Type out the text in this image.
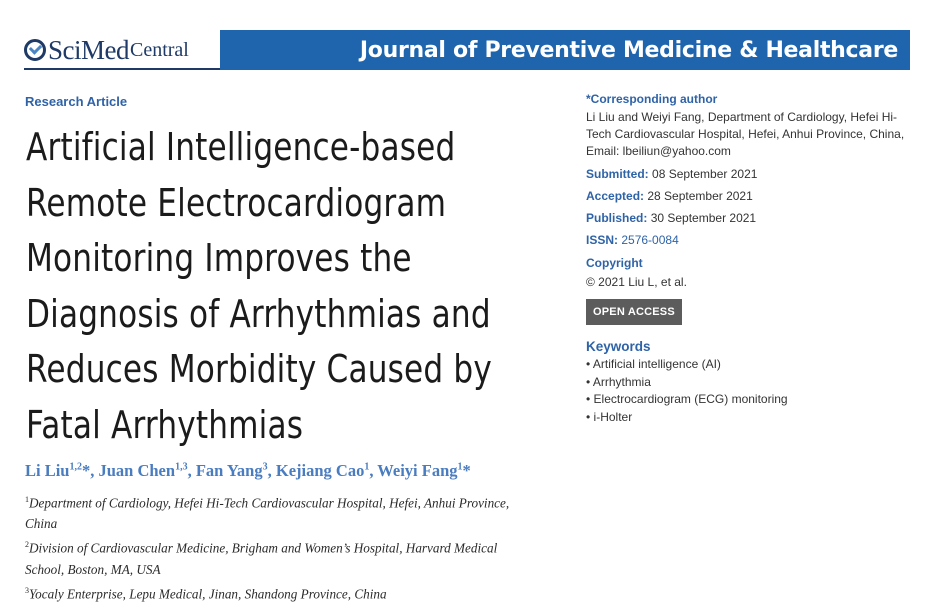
SciMed Central	Journal of Preventive Medicine & Healthcare
Research Article
Artificial Intelligence-based
Remote Electrocardiogram
Monitoring Improves the
Diagnosis of Arrhythmias and
Reduces Morbidity Caused by
Fatal Arrhythmias
Li Liu$^{1,2}$*, Juan Chen$^{1,3}$, Fan Yang$^3$, Kejiang Cao$^1$, Weiyi Fang$^1$*
$^1$Department of Cardiology, Hefei Hi-Tech Cardiovascular Hospital, Hefei, Anhui Province, China
$^2$Division of Cardiovascular Medicine, Brigham and Women’s Hospital, Harvard Medical School, Boston, MA, USA
$^3$Yocaly Enterprise, Lepu Medical, Jinan, Shandong Province, China
*Corresponding author
Li Liu and Weiyi Fang, Department of Cardiology, Hefei Hi-Tech Cardiovascular Hospital, Hefei, Anhui Province, China, Email: lbeiliun@yahoo.com
Submitted: 08 September 2021
Accepted: 28 September 2021
Published: 30 September 2021
ISSN: 2576-0084
Copyright
© 2021 Liu L, et al.
OPEN ACCESS
Keywords
• Artificial intelligence (AI)
• Arrhythmia
• Electrocardiogram (ECG) monitoring
• i-Holter
